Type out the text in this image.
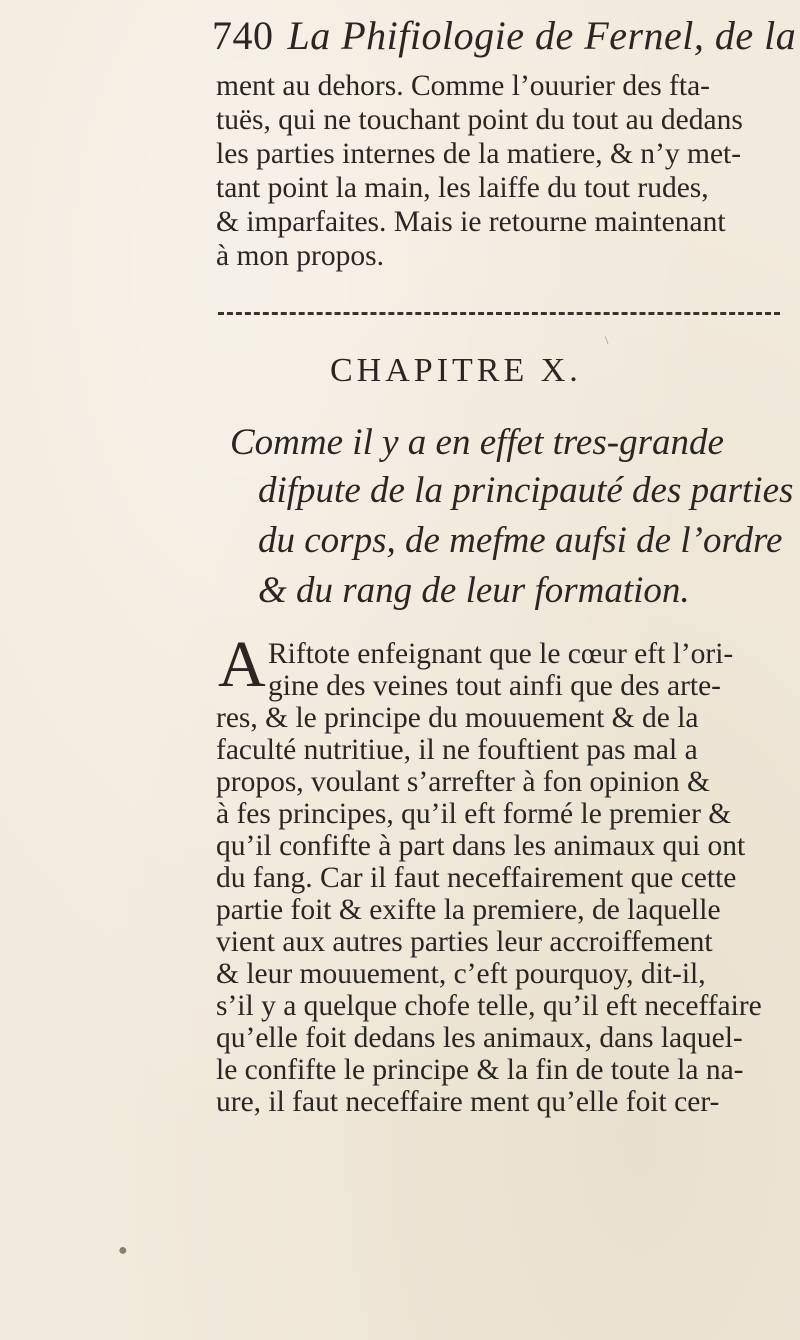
740 La Phifiologie de Fernel, de la
ment au dehors. Comme l’ouurier des fta-
tuës, qui ne touchant point du tout au dedans
les parties internes de la matiere, & n’y met-
tant point la main, les laiffe du tout rudes,
& imparfaites. Mais ie retourne maintenant
à mon propos.
CHAPITRE X.
Comme il y a en effet tres-grande
difpute de la principauté des parties
du corps, de mefme aufsi de l’ordre
& du rang de leur formation.
A Riftote enfeignant que le cœur eft l’ori-
gine des veines tout ainfi que des arte-
res, & le principe du mouuement & de la
faculté nutritiue, il ne fouftient pas mal a
propos, voulant s’arrefter à fon opinion &
à fes principes, qu’il eft formé le premier &
qu’il confifte à part dans les animaux qui ont
du fang. Car il faut neceffairement que cette
partie foit & exifte la premiere, de laquelle
vient aux autres parties leur accroiffement
& leur mouuement, c’eft pourquoy, dit-il,
s’il y a quelque chofe telle, qu’il eft neceffaire
qu’elle foit dedans les animaux, dans laquel-
le confifte le principe & la fin de toute la na-
ure, il faut neceffaire ment qu’elle foit cer-
●
\
